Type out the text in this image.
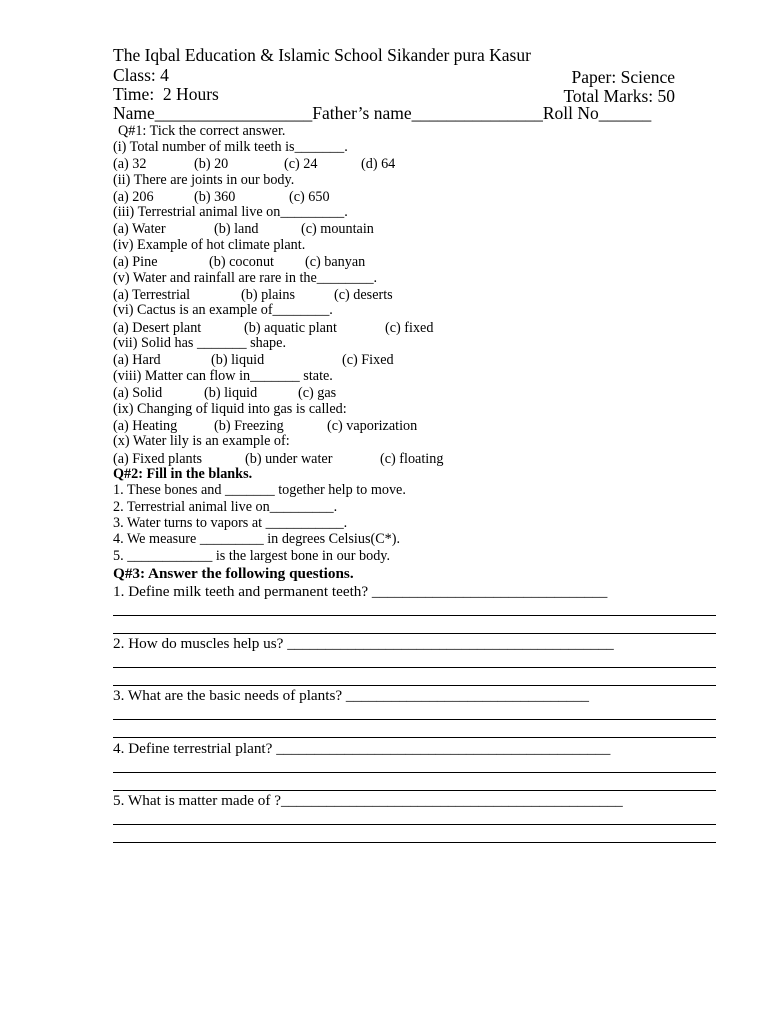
The Iqbal Education & Islamic School Sikander pura Kasur
Class: 4	Paper: Science
Time:  2 Hours	Total Marks: 50
Name__________________Father’s name_______________Roll No______
Q#1: Tick the correct answer.
(i) Total number of milk teeth is_______.
(a) 32	(b) 20	(c) 24	(d) 64
(ii) There are joints in our body.
(a) 206	(b) 360	(c) 650
(iii) Terrestrial animal live on_________.
(a) Water	(b) land	(c) mountain
(iv) Example of hot climate plant.
(a) Pine	(b) coconut (c) banyan
(v) Water and rainfall are rare in the________.
(a) Terrestrial	(b) plains	(c) deserts
(vi) Cactus is an example of________.
(a) Desert plant	(b) aquatic plant	(c) fixed
(vii) Solid has _______ shape.
(a) Hard	(b) liquid	(c) Fixed
(viii) Matter can flow in_______ state.
(a) Solid	(b) liquid	(c) gas
(ix) Changing of liquid into gas is called:
(a) Heating	(b) Freezing	(c) vaporization
(x) Water lily is an example of:
(a) Fixed plants	(b) under water	(c) floating
Q#2: Fill in the blanks.
1. These bones and _______ together help to move.
2. Terrestrial animal live on_________.
3. Water turns to vapors at ___________.
4. We measure _________ in degrees Celsius(C*).
5. ____________ is the largest bone in our body.
Q#3: Answer the following questions.
1. Define milk teeth and permanent teeth? _______________________________
2. How do muscles help us? ___________________________________________
3. What are the basic needs of plants? ________________________________
4. Define terrestrial plant? ____________________________________________
5. What is matter made of ?_____________________________________________
